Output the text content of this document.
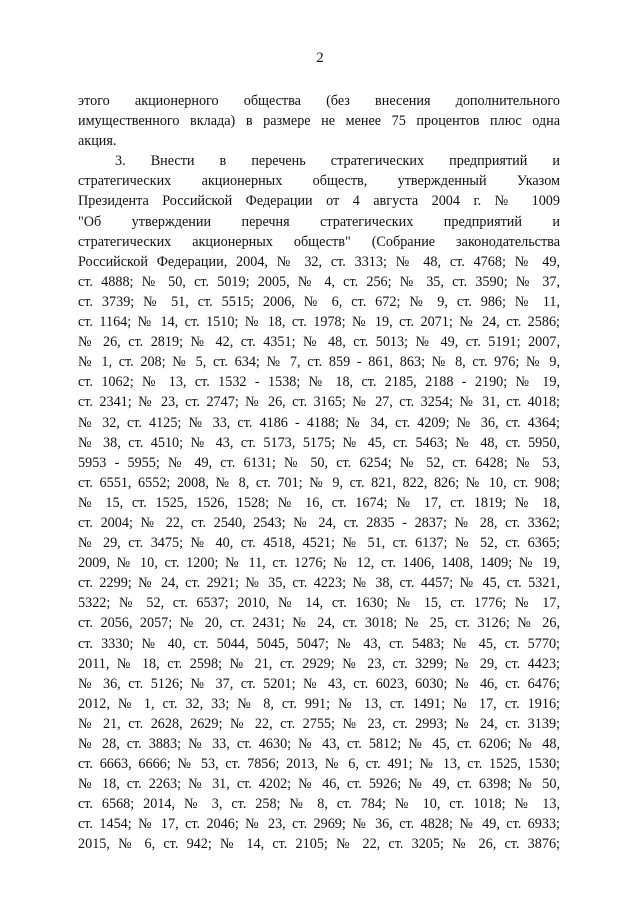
2
этого акционерного общества (без внесения дополнительного
имущественного вклада) в размере не менее 75 процентов плюс одна
акция.
3. Внести в перечень стратегических предприятий и
стратегических акционерных обществ, утвержденный Указом
Президента Российской Федерации от 4 августа 2004 г. № 1009
"Об утверждении перечня стратегических предприятий и
стратегических акционерных обществ" (Собрание законодательства
Российской Федерации, 2004, № 32, ст. 3313; № 48, ст. 4768; № 49,
ст. 4888; № 50, ст. 5019; 2005, № 4, ст. 256; № 35, ст. 3590; № 37,
ст. 3739; № 51, ст. 5515; 2006, № 6, ст. 672; № 9, ст. 986; № 11,
ст. 1164; № 14, ст. 1510; № 18, ст. 1978; № 19, ст. 2071; № 24, ст. 2586;
№ 26, ст. 2819; № 42, ст. 4351; № 48, ст. 5013; № 49, ст. 5191; 2007,
№ 1, ст. 208; № 5, ст. 634; № 7, ст. 859 - 861, 863; № 8, ст. 976; № 9,
ст. 1062; № 13, ст. 1532 - 1538; № 18, ст. 2185, 2188 - 2190; № 19,
ст. 2341; № 23, ст. 2747; № 26, ст. 3165; № 27, ст. 3254; № 31, ст. 4018;
№ 32, ст. 4125; № 33, ст. 4186 - 4188; № 34, ст. 4209; № 36, ст. 4364;
№ 38, ст. 4510; № 43, ст. 5173, 5175; № 45, ст. 5463; № 48, ст. 5950,
5953 - 5955; № 49, ст. 6131; № 50, ст. 6254; № 52, ст. 6428; № 53,
ст. 6551, 6552; 2008, № 8, ст. 701; № 9, ст. 821, 822, 826; № 10, ст. 908;
№ 15, ст. 1525, 1526, 1528; № 16, ст. 1674; № 17, ст. 1819; № 18,
ст. 2004; № 22, ст. 2540, 2543; № 24, ст. 2835 - 2837; № 28, ст. 3362;
№ 29, ст. 3475; № 40, ст. 4518, 4521; № 51, ст. 6137; № 52, ст. 6365;
2009, № 10, ст. 1200; № 11, ст. 1276; № 12, ст. 1406, 1408, 1409; № 19,
ст. 2299; № 24, ст. 2921; № 35, ст. 4223; № 38, ст. 4457; № 45, ст. 5321,
5322; № 52, ст. 6537; 2010, № 14, ст. 1630; № 15, ст. 1776; № 17,
ст. 2056, 2057; № 20, ст. 2431; № 24, ст. 3018; № 25, ст. 3126; № 26,
ст. 3330; № 40, ст. 5044, 5045, 5047; № 43, ст. 5483; № 45, ст. 5770;
2011, № 18, ст. 2598; № 21, ст. 2929; № 23, ст. 3299; № 29, ст. 4423;
№ 36, ст. 5126; № 37, ст. 5201; № 43, ст. 6023, 6030; № 46, ст. 6476;
2012, № 1, ст. 32, 33; № 8, ст. 991; № 13, ст. 1491; № 17, ст. 1916;
№ 21, ст. 2628, 2629; № 22, ст. 2755; № 23, ст. 2993; № 24, ст. 3139;
№ 28, ст. 3883; № 33, ст. 4630; № 43, ст. 5812; № 45, ст. 6206; № 48,
ст. 6663, 6666; № 53, ст. 7856; 2013, № 6, ст. 491; № 13, ст. 1525, 1530;
№ 18, ст. 2263; № 31, ст. 4202; № 46, ст. 5926; № 49, ст. 6398; № 50,
ст. 6568; 2014, № 3, ст. 258; № 8, ст. 784; № 10, ст. 1018; № 13,
ст. 1454; № 17, ст. 2046; № 23, ст. 2969; № 36, ст. 4828; № 49, ст. 6933;
2015, № 6, ст. 942; № 14, ст. 2105; № 22, ст. 3205; № 26, ст. 3876;
